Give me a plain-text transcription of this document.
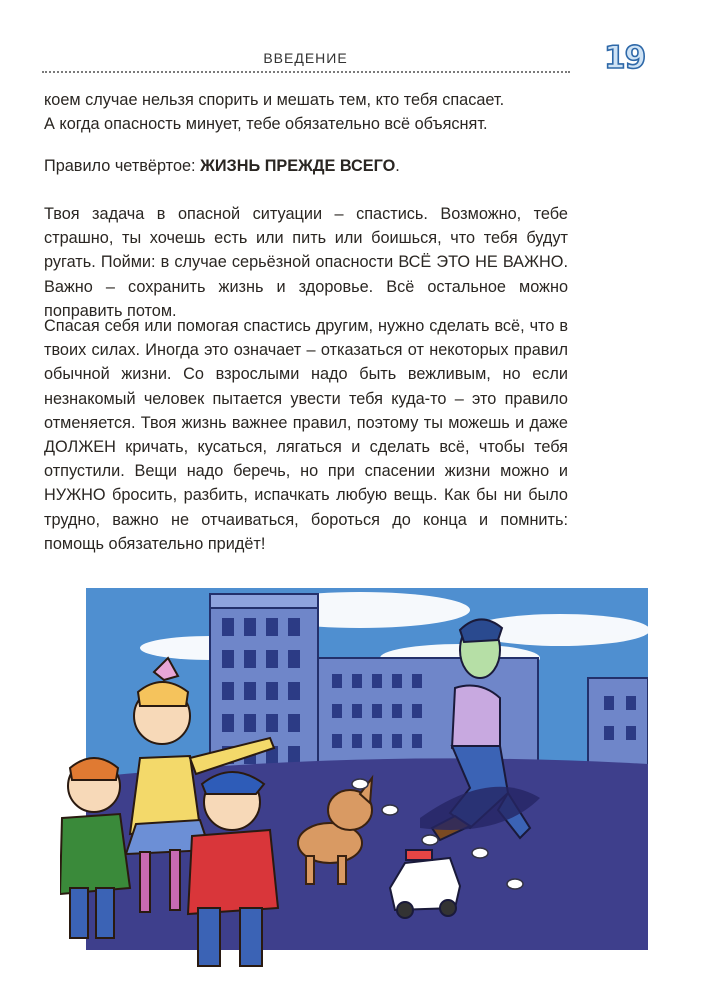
ВВЕДЕНИЕ	19
коем случае нельзя спорить и мешать тем, кто тебя спасает.
А когда опасность минует, тебе обязательно всё объяснят.
Правило четвёртое: ЖИЗНЬ ПРЕЖДЕ ВСЕГО.
Твоя задача в опасной ситуации – спастись. Возможно, тебе страшно, ты хочешь есть или пить или боишься, что тебя будут ругать. Пойми: в случае серьёзной опасности ВСЁ ЭТО НЕ ВАЖНО. Важно – сохранить жизнь и здоровье. Всё остальное можно поправить потом.
Спасая себя или помогая спастись другим, нужно сделать всё, что в твоих силах. Иногда это означает – отказаться от некоторых правил обычной жизни. Со взрослыми надо быть вежливым, но если незнакомый человек пытается увести тебя куда-то – это правило отменяется. Твоя жизнь важнее правил, поэтому ты можешь и даже ДОЛЖЕН кричать, кусаться, лягаться и сделать всё, чтобы тебя отпустили. Вещи надо беречь, но при спасении жизни можно и НУЖНО бросить, разбить, испачкать любую вещь. Как бы ни было трудно, важно не отчаиваться, бороться до конца и помнить: помощь обязательно придёт!
